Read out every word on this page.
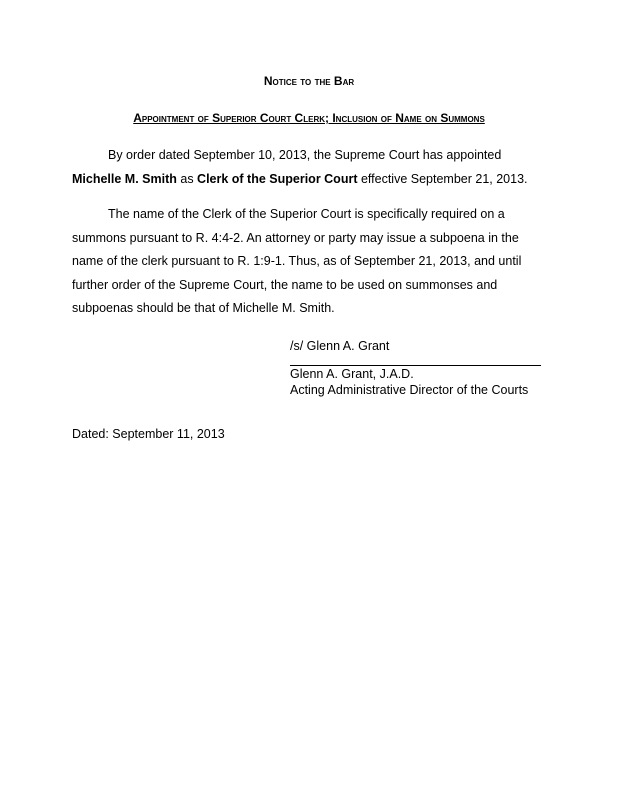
Notice to the Bar
Appointment of Superior Court Clerk; Inclusion of Name on Summons

By order dated September 10, 2013, the Supreme Court has appointed
Michelle M. Smith as Clerk of the Superior Court effective September 21, 2013.

The name of the Clerk of the Superior Court is specifically required on a summons pursuant to R. 4:4-2. An attorney or party may issue a subpoena in the name of the clerk pursuant to R. 1:9-1. Thus, as of September 21, 2013, and until further order of the Supreme Court, the name to be used on summonses and subpoenas should be that of Michelle M. Smith.

/s/ Glenn A. Grant
Glenn A. Grant, J.A.D.
Acting Administrative Director of the Courts
Dated: September 11, 2013
